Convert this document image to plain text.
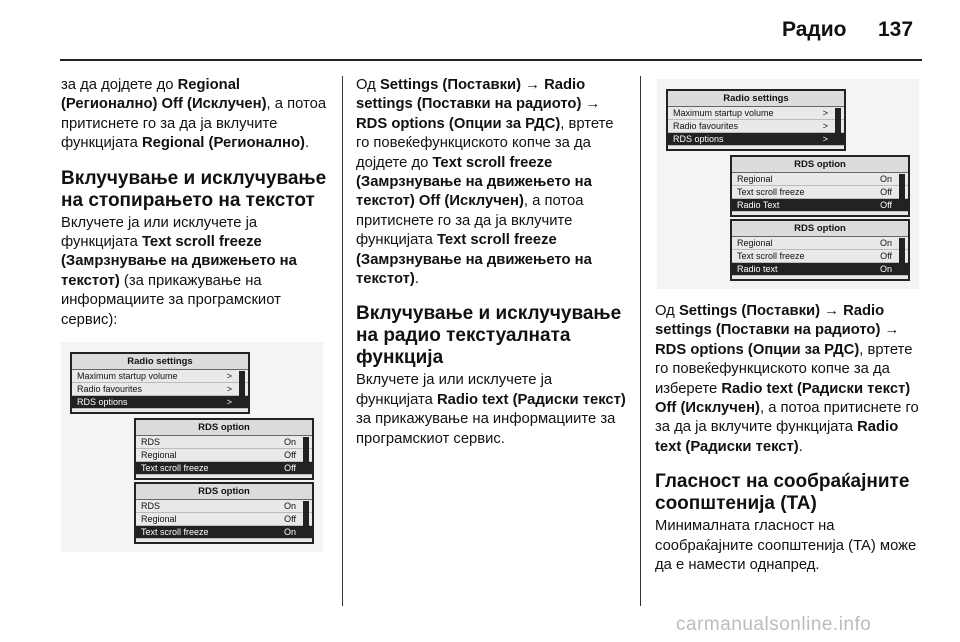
Радио 137

за да дојдете до Regional (Регионално) Off (Исклучен), а потоа притиснете го за да ја вклучите функцијата Regional (Регионално).

Вклучување и исклучување на стопирањето на текстот

Вклучете ја или исклучете ја функцијата Text scroll freeze (Замрзнување на движењето на текстот) (за прикажување на информациите за програмскиот сервис):

Radio settings
Maximum startup volume	>
Radio favourites	>
RDS options	>
RDS option
RDS	On
Regional	Off
Text scroll freeze	Off
RDS option
RDS	On
Regional	Off
Text scroll freeze	On

Од Settings (Поставки) → Radio settings (Поставки на радиото) → RDS options (Опции за РДС), вртете го повеќефункциското копче за да дојдете до Text scroll freeze (Замрзнување на движењето на текстот) Off (Исклучен), а потоа притиснете го за да ја вклучите функцијата Text scroll freeze (Замрзнување на движењето на текстот).

Вклучување и исклучување на радио текстуалната функција

Вклучете ја или исклучете ја функцијата Radio text (Радиски текст) за прикажување на информациите за програмскиот сервис.

Radio settings
Maximum startup volume	>
Radio favourites	>
RDS options	>
RDS option
Regional	On
Text scroll freeze	Off
Radio Text	Off
RDS option
Regional	On
Text scroll freeze	Off
Radio text	On

Од Settings (Поставки) → Radio settings (Поставки на радиото) → RDS options (Опции за РДС), вртете го повеќефункциското копче за да изберете Radio text (Радиски текст) Off (Исклучен), а потоа притиснете го за да ја вклучите функцијата Radio text (Радиски текст).

Гласност на сообраќајните соопштенија (TA)

Минималната гласност на сообраќајните соопштенија (TA) може да е намести однапред.

carmanualsonline.info
